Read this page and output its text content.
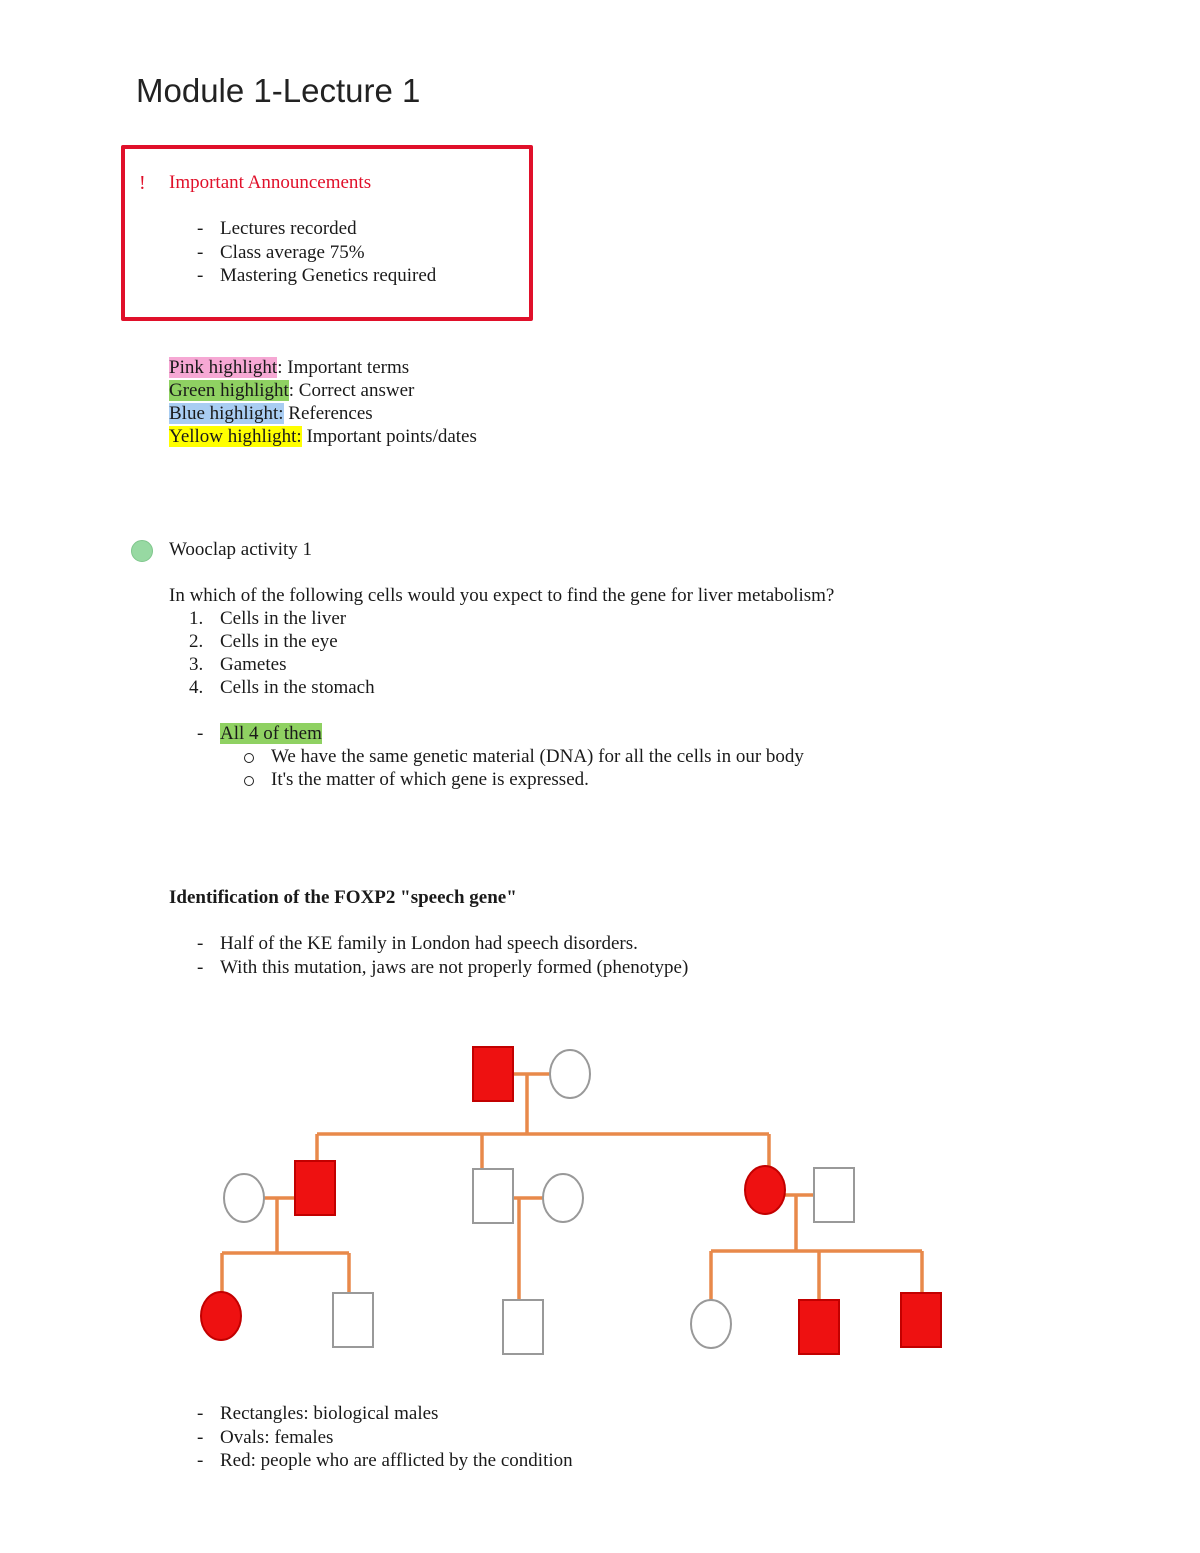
Module 1-Lecture 1
! Important Announcements
- Lectures recorded
- Class average 75%
- Mastering Genetics required
Pink highlight: Important terms
Green highlight: Correct answer
Blue highlight: References
Yellow highlight: Important points/dates
Wooclap activity 1
In which of the following cells would you expect to find the gene for liver metabolism?
1. Cells in the liver
2. Cells in the eye
3. Gametes
4. Cells in the stomach
- All 4 of them
We have the same genetic material (DNA) for all the cells in our body
It's the matter of which gene is expressed.
Identification of the FOXP2 "speech gene"
- Half of the KE family in London had speech disorders.
- With this mutation, jaws are not properly formed (phenotype)
- Rectangles: biological males
- Ovals: females
- Red: people who are afflicted by the condition
